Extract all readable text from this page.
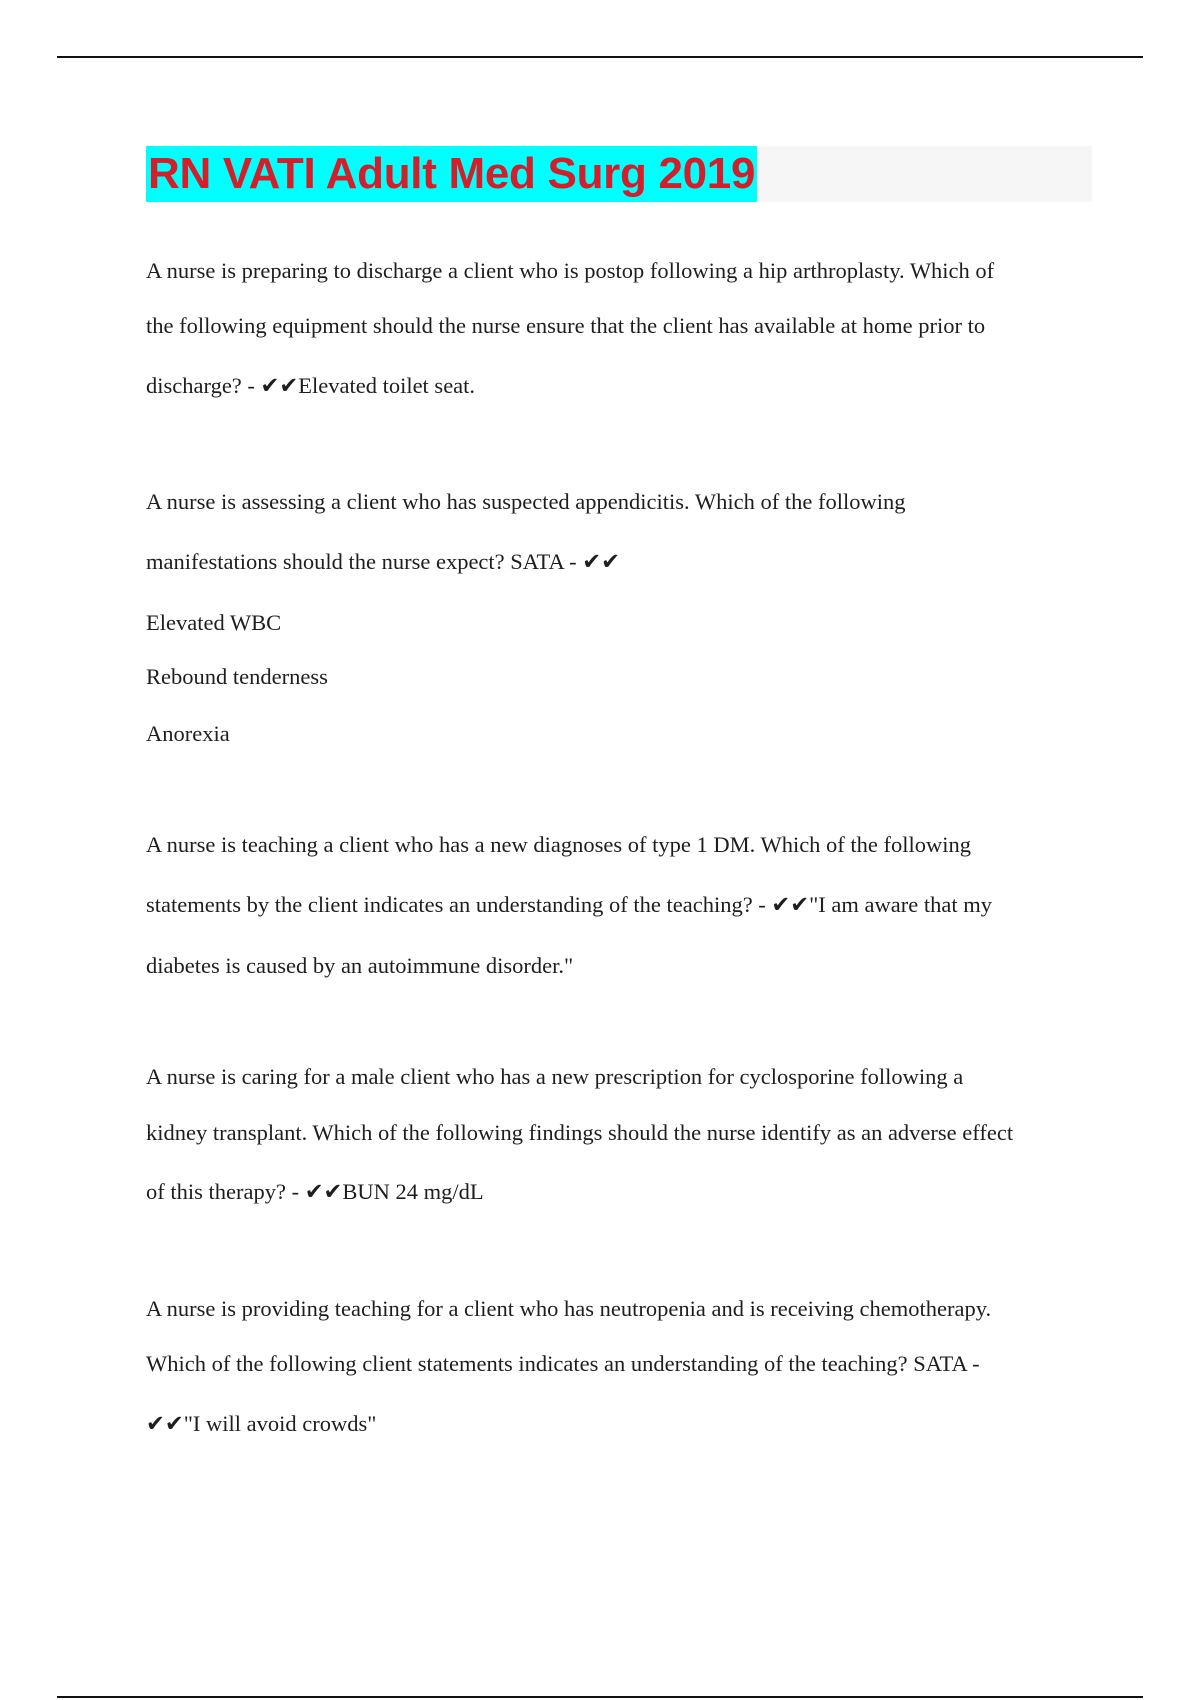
RN VATI Adult Med Surg 2019

A nurse is preparing to discharge a client who is postop following a hip arthroplasty. Which of

the following equipment should the nurse ensure that the client has available at home prior to

discharge? - ✔✔Elevated toilet seat.

A nurse is assessing a client who has suspected appendicitis. Which of the following

manifestations should the nurse expect? SATA - ✔✔

Elevated WBC

Rebound tenderness

Anorexia

A nurse is teaching a client who has a new diagnoses of type 1 DM. Which of the following

statements by the client indicates an understanding of the teaching? - ✔✔"I am aware that my

diabetes is caused by an autoimmune disorder."

A nurse is caring for a male client who has a new prescription for cyclosporine following a

kidney transplant. Which of the following findings should the nurse identify as an adverse effect

of this therapy? - ✔✔BUN 24 mg/dL

A nurse is providing teaching for a client who has neutropenia and is receiving chemotherapy.

Which of the following client statements indicates an understanding of the teaching? SATA -

✔✔"I will avoid crowds"
